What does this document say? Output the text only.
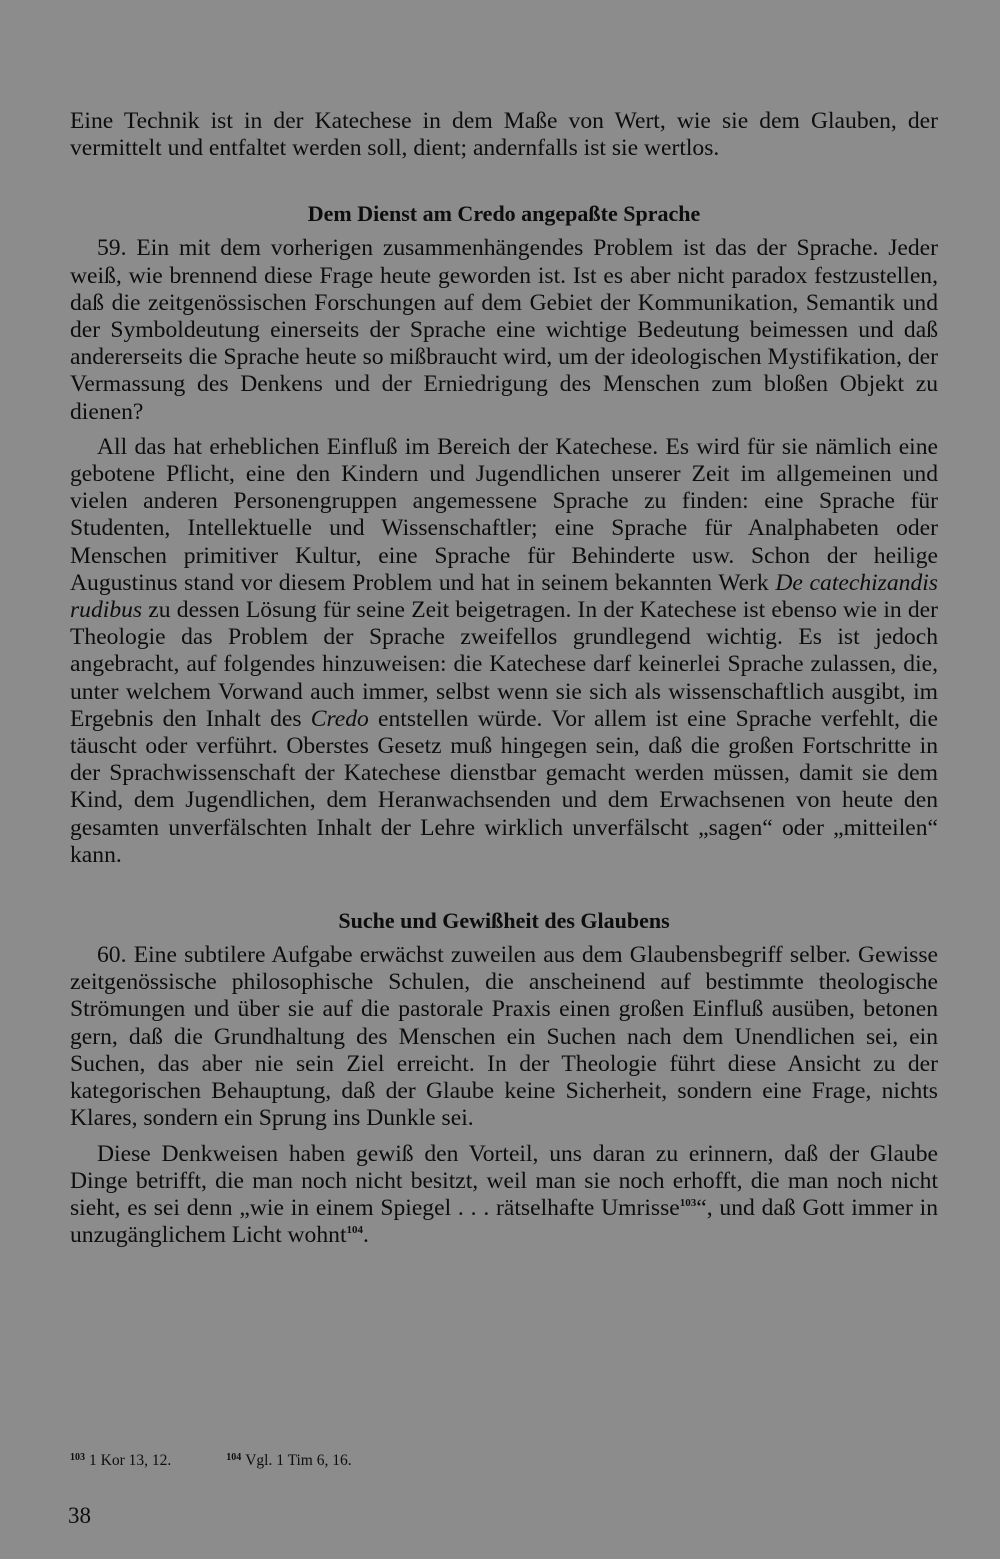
Eine Technik ist in der Katechese in dem Maße von Wert, wie sie dem Glauben, der vermittelt und entfaltet werden soll, dient; andernfalls ist sie wertlos.

Dem Dienst am Credo angepaßte Sprache

59. Ein mit dem vorherigen zusammenhängendes Problem ist das der Sprache. Jeder weiß, wie brennend diese Frage heute geworden ist. Ist es aber nicht paradox festzustellen, daß die zeitgenössischen Forschungen auf dem Gebiet der Kommunikation, Semantik und der Symboldeutung einerseits der Sprache eine wichtige Bedeutung beimessen und daß andererseits die Sprache heute so mißbraucht wird, um der ideologischen Mystifikation, der Vermassung des Denkens und der Erniedrigung des Menschen zum bloßen Objekt zu dienen?

All das hat erheblichen Einfluß im Bereich der Katechese. Es wird für sie nämlich eine gebotene Pflicht, eine den Kindern und Jugendlichen unserer Zeit im allgemeinen und vielen anderen Personengruppen angemessene Sprache zu finden: eine Sprache für Studenten, Intellektuelle und Wissenschaftler; eine Sprache für Analphabeten oder Menschen primitiver Kultur, eine Sprache für Behinderte usw. Schon der heilige Augustinus stand vor diesem Problem und hat in seinem bekannten Werk De catechizandis rudibus zu dessen Lösung für seine Zeit beigetragen. In der Katechese ist ebenso wie in der Theologie das Problem der Sprache zweifellos grundlegend wichtig. Es ist jedoch angebracht, auf folgendes hinzuweisen: die Katechese darf keinerlei Sprache zulassen, die, unter welchem Vorwand auch immer, selbst wenn sie sich als wissenschaftlich ausgibt, im Ergebnis den Inhalt des Credo entstellen würde. Vor allem ist eine Sprache verfehlt, die täuscht oder verführt. Oberstes Gesetz muß hingegen sein, daß die großen Fortschritte in der Sprachwissenschaft der Katechese dienstbar gemacht werden müssen, damit sie dem Kind, dem Jugendlichen, dem Heranwachsenden und dem Erwachsenen von heute den gesamten unverfälschten Inhalt der Lehre wirklich unverfälscht „sagen“ oder „mitteilen“ kann.

Suche und Gewißheit des Glaubens

60. Eine subtilere Aufgabe erwächst zuweilen aus dem Glaubensbegriff selber. Gewisse zeitgenössische philosophische Schulen, die anscheinend auf bestimmte theologische Strömungen und über sie auf die pastorale Praxis einen großen Einfluß ausüben, betonen gern, daß die Grundhaltung des Menschen ein Suchen nach dem Unendlichen sei, ein Suchen, das aber nie sein Ziel erreicht. In der Theologie führt diese Ansicht zu der kategorischen Behauptung, daß der Glaube keine Sicherheit, sondern eine Frage, nichts Klares, sondern ein Sprung ins Dunkle sei.

Diese Denkweisen haben gewiß den Vorteil, uns daran zu erinnern, daß der Glaube Dinge betrifft, die man noch nicht besitzt, weil man sie noch erhofft, die man noch nicht sieht, es sei denn „wie in einem Spiegel . . . rätselhafte Umrisse$^{103}$“, und daß Gott immer in unzugänglichem Licht wohnt$^{104}$.

$^{103}$ 1 Kor 13, 12.	$^{104}$ Vgl. 1 Tim 6, 16.
38
